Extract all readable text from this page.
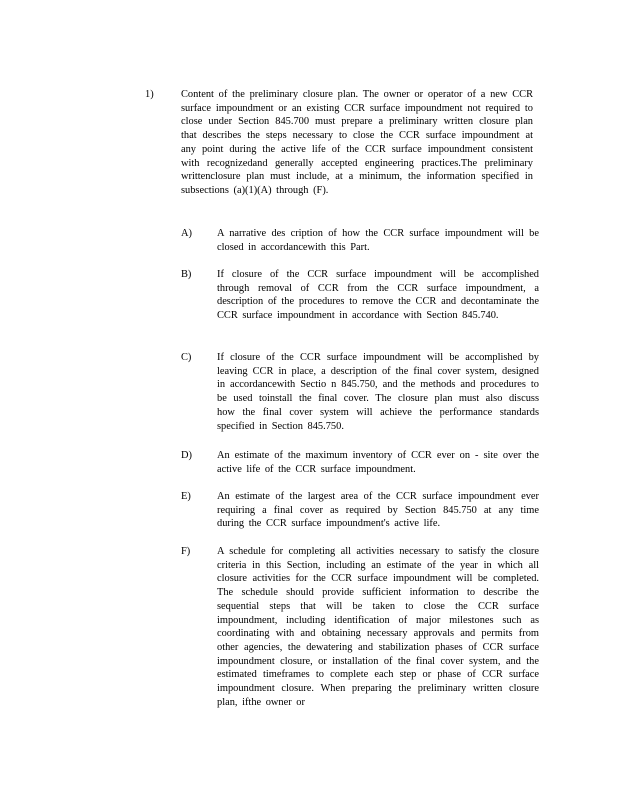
1)	Content of the preliminary closure plan. The owner or operator of a new CCR surface impoundment or an existing CCR surface impoundment not required to close under Section 845.700 must prepare a preliminary written closure plan that describes the steps necessary to close the CCR surface impoundment at any point during the active life of the CCR surface impoundment consistent with recognizedand generally accepted engineering practices.The preliminary writtenclosure plan must include, at a minimum, the information specified in subsections (a)(1)(A) through (F).
A)	A narrative des cription of how the CCR surface impoundment will be closed in accordancewith this Part.
B)	If closure of the CCR surface impoundment will be accomplished through removal of CCR from the CCR surface impoundment, a description of the procedures to remove the CCR and decontaminate the CCR surface impoundment in accordance with Section 845.740.
C)	If closure of the CCR surface impoundment will be accomplished by leaving CCR in place, a description of the final cover system, designed in accordancewith Sectio n 845.750, and the methods and procedures to be used toinstall the final cover. The closure plan must also discuss how the final cover system will achieve the performance standards specified in Section 845.750.
D)	An estimate of the maximum inventory of CCR ever on - site over the active life of the CCR surface impoundment.
E)	An estimate of the largest area of the CCR surface impoundment ever requiring a final cover as required by Section 845.750 at any time during the CCR surface impoundment's active life.
F)	A schedule for completing all activities necessary to satisfy the closure criteria in this Section, including an estimate of the year in which all closure activities for the CCR surface impoundment will be completed. The schedule should provide sufficient information to describe the sequential steps that will be taken to close the CCR surface impoundment, including identification of major milestones such as coordinating with and obtaining necessary approvals and permits from other agencies, the dewatering and stabilization phases of CCR surface impoundment closure, or installation of the final cover system, and the estimated timeframes to complete each step or phase of CCR surface impoundment closure. When preparing the preliminary written closure plan, ifthe owner or
